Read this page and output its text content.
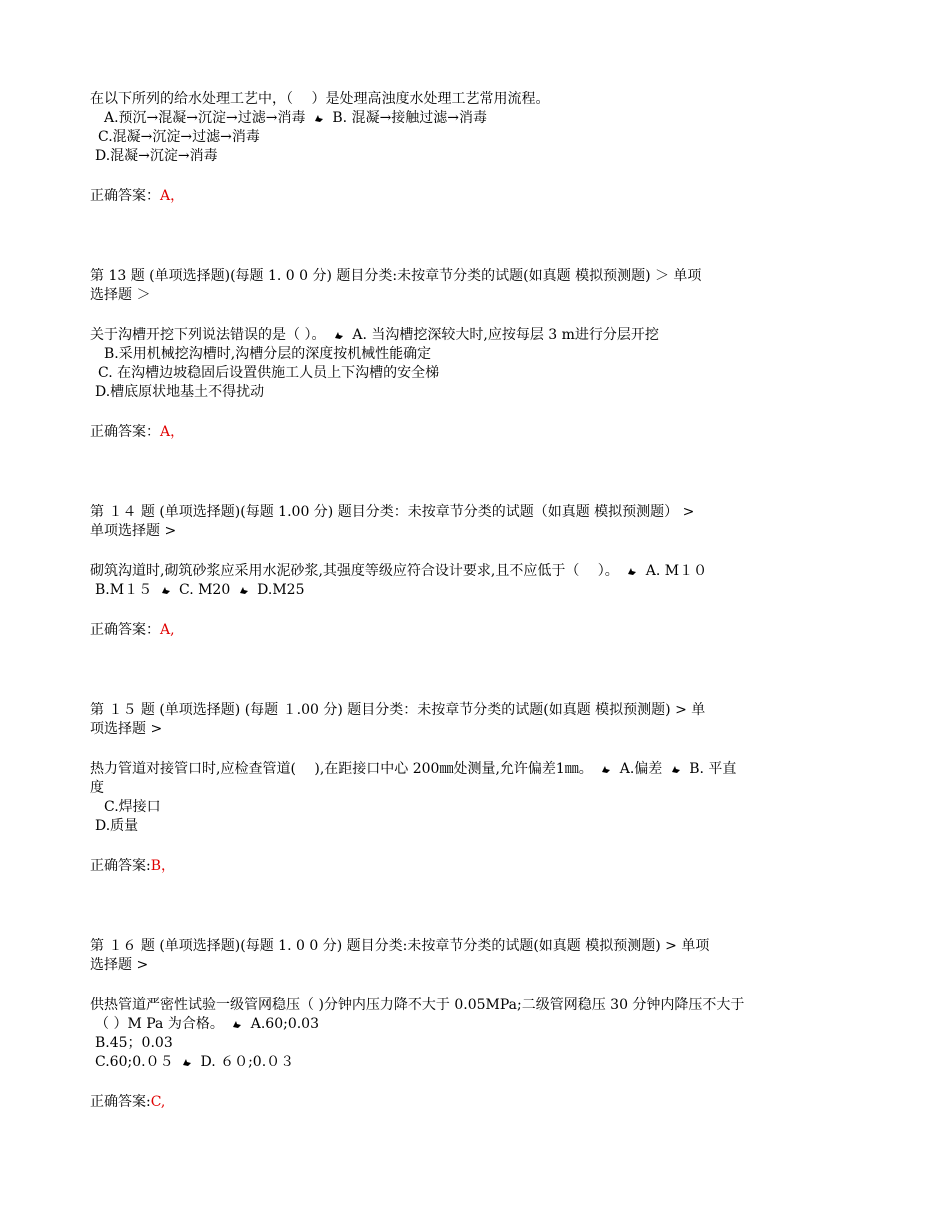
在以下所列的给水处理工艺中，（　 ）是处理高浊度水处理工艺常用流程。
A.预沉→混凝→沉淀→过滤→消毒 B. 混凝→接触过滤→消毒
C.混凝→沉淀→过滤→消毒
D.混凝→沉淀→消毒
正确答案：A，
第 13 题 (单项选择题)(每题 1. 0 0 分) 题目分类:未按章节分类的试题(如真题 模拟预测题) ＞ 单项
选择题 ＞
关于沟槽开挖下列说法错误的是（ ）。 A. 当沟槽挖深较大时,应按每层 3 m进行分层开挖
B.采用机械挖沟槽时,沟槽分层的深度按机械性能确定
C. 在沟槽边坡稳固后设置供施工人员上下沟槽的安全梯
D.槽底原状地基土不得扰动
正确答案：A，
第 １４ 题 (单项选择题)(每题 1.00 分) 题目分类：未按章节分类的试题（如真题 模拟预测题） >
单项选择题 >
砌筑沟道时,砌筑砂浆应采用水泥砂浆,其强度等级应符合设计要求,且不应低于（　 ）。 A. M１０
B.M１５ C. M20 D.M25
正确答案：A,
第 １５ 题 (单项选择题) (每题 １.00 分) 题目分类：未按章节分类的试题(如真题 模拟预测题) > 单
项选择题 >
热力管道对接管口时,应检查管道(　 ),在距接口中心 200㎜处测量,允许偏差1㎜。 A.偏差 B. 平直
度
C.焊接口
D.质量
正确答案:B，
第 １６ 题 (单项选择题)(每题 1. 0 0 分) 题目分类:未按章节分类的试题(如真题 模拟预测题) > 单项
选择题 >
供热管道严密性试验一级管网稳压（ )分钟内压力降不大于 0.05MPa;二级管网稳压 30 分钟内降压不大于
（ ）M Pa 为合格。 A.60;0.03
B.45；0.03
C.60;0.０５ D. ６０;0.０３
正确答案:C,
